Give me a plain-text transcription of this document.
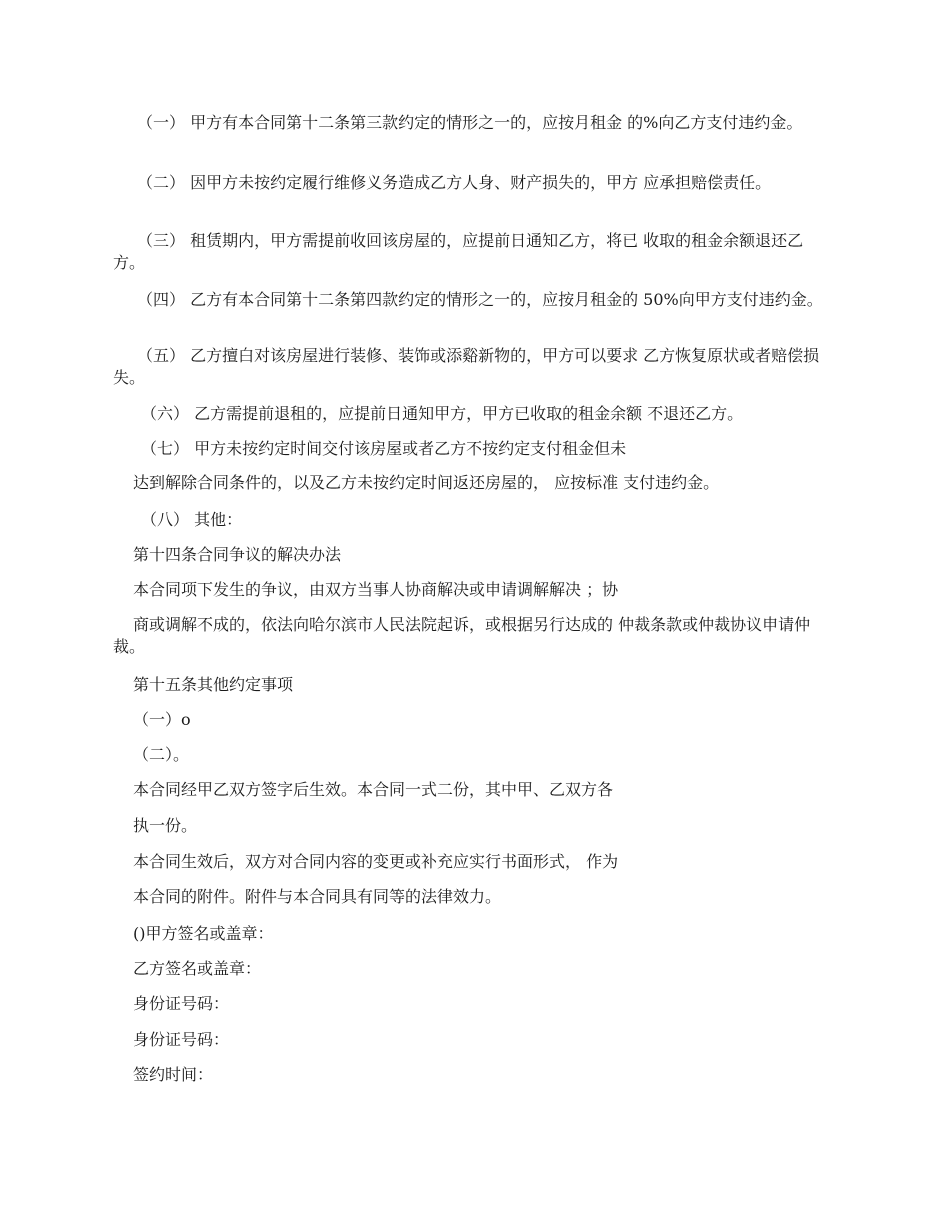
（一） 甲方有本合同第十二条第三款约定的情形之一的，应按月租金 的%向乙方支付违约金。

（二） 因甲方未按约定履行维修义务造成乙方人身、财产损失的，甲方 应承担赔偿责任。

（三） 租赁期内，甲方需提前收回该房屋的，应提前日通知乙方，将已 收取的租金余额退还乙方。

（四） 乙方有本合同第十二条第四款约定的情形之一的，应按月租金的 50%向甲方支付违约金。

（五） 乙方擅白对该房屋进行装修、装饰或添谿新物的，甲方可以要求 乙方恢复原状或者赔偿损失。

（六） 乙方需提前退租的，应提前日通知甲方，甲方已收取的租金余额 不退还乙方。

（七） 甲方未按约定时间交付该房屋或者乙方不按约定支付租金但未

达到解除合同条件的，以及乙方未按约定时间返还房屋的， 应按标准 支付违约金。

（八） 其他：

第十四条合同争议的解决办法

本合同项下发生的争议，由双方当事人协商解决或申请调解解决 ；协

商或调解不成的，依法向哈尔滨市人民法院起诉，或根据另行达成的 仲裁条款或仲裁协议申请仲裁。

第十五条其他约定事项

（一）o

（二）。

本合同经甲乙双方签字后生效。本合同一式二份，其中甲、乙双方各

执一份。

本合同生效后，双方对合同内容的变更或补充应实行书面形式， 作为

本合同的附件。附件与本合同具有同等的法律效力。

()甲方签名或盖章：

乙方签名或盖章：

身份证号码：

身份证号码：

签约时间：
